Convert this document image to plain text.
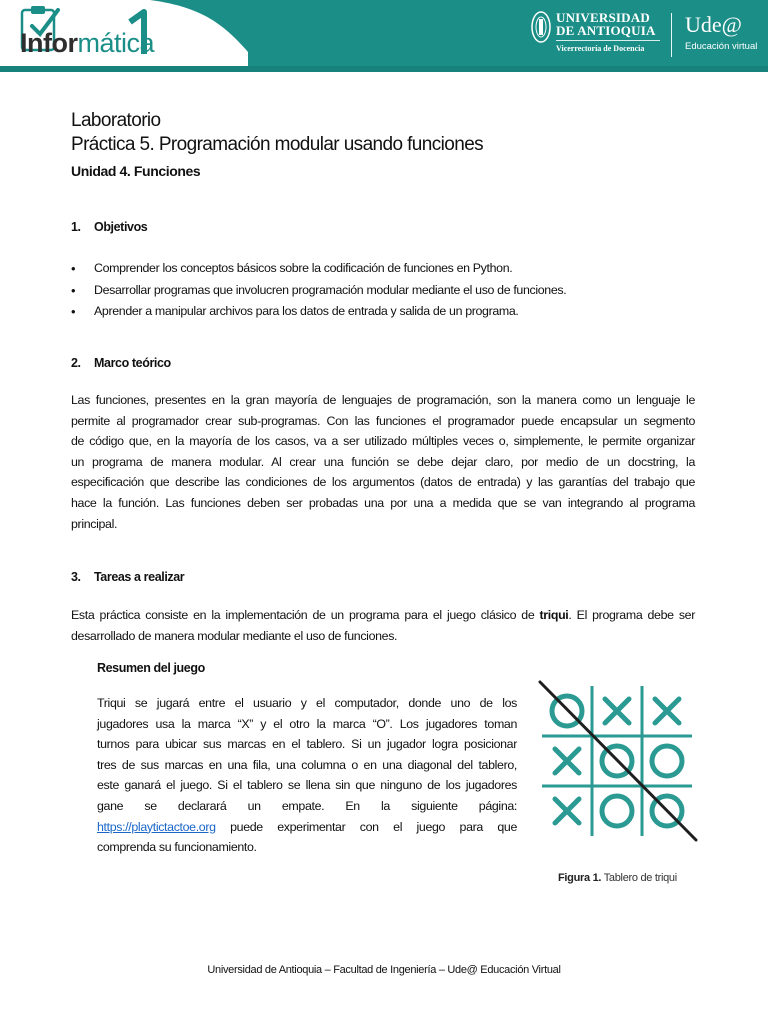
Informática
1
UNIVERSIDAD
DE ANTIOQUIA
Vicerrectoría de Docencia
Ude@
Educación virtual
Laboratorio
Práctica 5. Programación modular usando funciones
Unidad 4. Funciones
1. Objetivos
• Comprender los conceptos básicos sobre la codificación de funciones en Python.
• Desarrollar programas que involucren programación modular mediante el uso de funciones.
• Aprender a manipular archivos para los datos de entrada y salida de un programa.
2. Marco teórico
Las funciones, presentes en la gran mayoría de lenguajes de programación, son la manera como un lenguaje le
permite al programador crear sub-programas. Con las funciones el programador puede encapsular un segmento
de código que, en la mayoría de los casos, va a ser utilizado múltiples veces o, simplemente, le permite organizar
un programa de manera modular. Al crear una función se debe dejar claro, por medio de un docstring, la
especificación que describe las condiciones de los argumentos (datos de entrada) y las garantías del trabajo que
hace la función. Las funciones deben ser probadas una por una a medida que se van integrando al programa
principal.
3. Tareas a realizar
Esta práctica consiste en la implementación de un programa para el juego clásico de triqui. El programa debe ser
desarrollado de manera modular mediante el uso de funciones.
Resumen del juego
Triqui se jugará entre el usuario y el computador, donde uno de los
jugadores usa la marca “X” y el otro la marca “O”. Los jugadores toman
turnos para ubicar sus marcas en el tablero. Si un jugador logra posicionar
tres de sus marcas en una fila, una columna o en una diagonal del tablero,
este ganará el juego. Si el tablero se llena sin que ninguno de los jugadores
gane se declarará un empate. En la siguiente página:
https://playtictactoe.org puede experimentar con el juego para que
comprenda su funcionamiento.
Figura 1. Tablero de triqui
Universidad de Antioquia – Facultad de Ingeniería – Ude@ Educación Virtual
